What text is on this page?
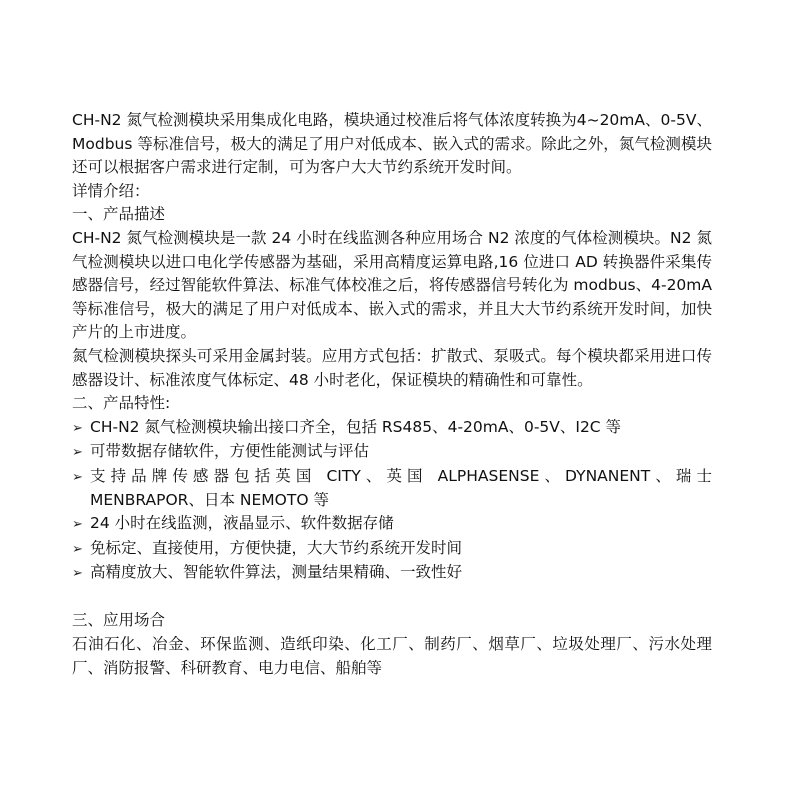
CH-N2 氮气检测模块采用集成化电路，模块通过校准后将气体浓度转换为4~20mA、0-5V、Modbus 等标准信号，极大的满足了用户对低成本、嵌入式的需求。除此之外，氮气检测模块还可以根据客户需求进行定制，可为客户大大节约系统开发时间。

详情介绍：

一、产品描述

CH-N2 氮气检测模块是一款 24 小时在线监测各种应用场合 N2 浓度的气体检测模块。N2 氮气检测模块以进口电化学传感器为基础，采用高精度运算电路,16 位进口 AD 转换器件采集传感器信号，经过智能软件算法、标准气体校准之后，将传感器信号转化为 modbus、4-20mA 等标准信号，极大的满足了用户对低成本、嵌入式的需求，并且大大节约系统开发时间，加快产片的上市进度。

氮气检测模块探头可采用金属封装。应用方式包括：扩散式、泵吸式。每个模块都采用进口传感器设计、标准浓度气体标定、48 小时老化，保证模块的精确性和可靠性。

二、产品特性:

➢ CH-N2 氮气检测模块输出接口齐全，包括 RS485、4-20mA、0-5V、I2C 等
➢ 可带数据存储软件，方便性能测试与评估
➢ 支持品牌传感器包括英国 CITY、英国 ALPHASENSE、DYNANENT、瑞士 MENBRAPOR、日本 NEMOTO 等
➢ 24 小时在线监测，液晶显示、软件数据存储
➢ 免标定、直接使用，方便快捷，大大节约系统开发时间
➢ 高精度放大、智能软件算法，测量结果精确、一致性好

三、应用场合

石油石化、冶金、环保监测、造纸印染、化工厂、制药厂、烟草厂、垃圾处理厂、污水处理厂、消防报警、科研教育、电力电信、船舶等
